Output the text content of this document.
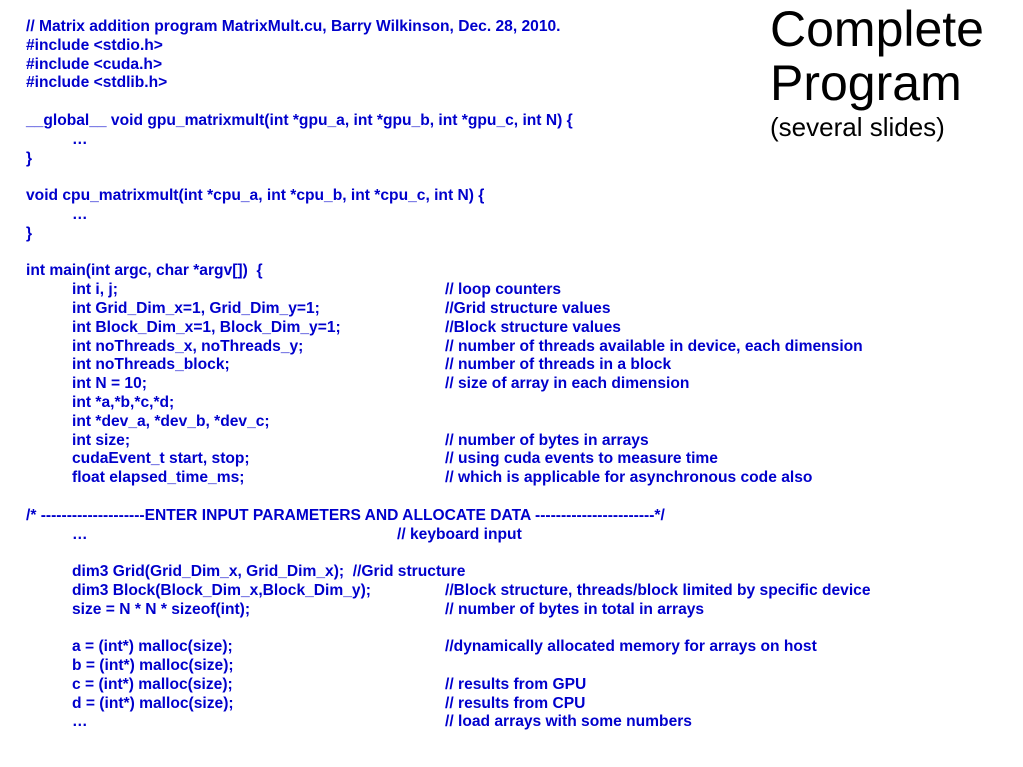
Complete
Program
(several slides)
// Matrix addition program MatrixMult.cu, Barry Wilkinson, Dec. 28, 2010.
#include <stdio.h>
#include <cuda.h>
#include <stdlib.h>
__global__ void gpu_matrixmult(int *gpu_a, int *gpu_b, int *gpu_c, int N) {
…
}
void cpu_matrixmult(int *cpu_a, int *cpu_b, int *cpu_c, int N) {
…
}
int main(int argc, char *argv[])  {
int i, j;	// loop counters
int Grid_Dim_x=1, Grid_Dim_y=1;	//Grid structure values
int Block_Dim_x=1, Block_Dim_y=1;	//Block structure values
int noThreads_x, noThreads_y;	// number of threads available in device, each dimension
int noThreads_block;	// number of threads in a block
int N = 10;	// size of array in each dimension
int *a,*b,*c,*d;
int *dev_a, *dev_b, *dev_c;
int size;	// number of bytes in arrays
cudaEvent_t start, stop;	// using cuda events to measure time
float elapsed_time_ms;	// which is applicable for asynchronous code also
/* --------------------ENTER INPUT PARAMETERS AND ALLOCATE DATA -----------------------*/
…	// keyboard input
dim3 Grid(Grid_Dim_x, Grid_Dim_x);  //Grid structure
dim3 Block(Block_Dim_x,Block_Dim_y);	//Block structure, threads/block limited by specific device
size = N * N * sizeof(int);	// number of bytes in total in arrays
a = (int*) malloc(size);	//dynamically allocated memory for arrays on host
b = (int*) malloc(size);
c = (int*) malloc(size);	// results from GPU
d = (int*) malloc(size);	// results from CPU
…	// load arrays with some numbers
